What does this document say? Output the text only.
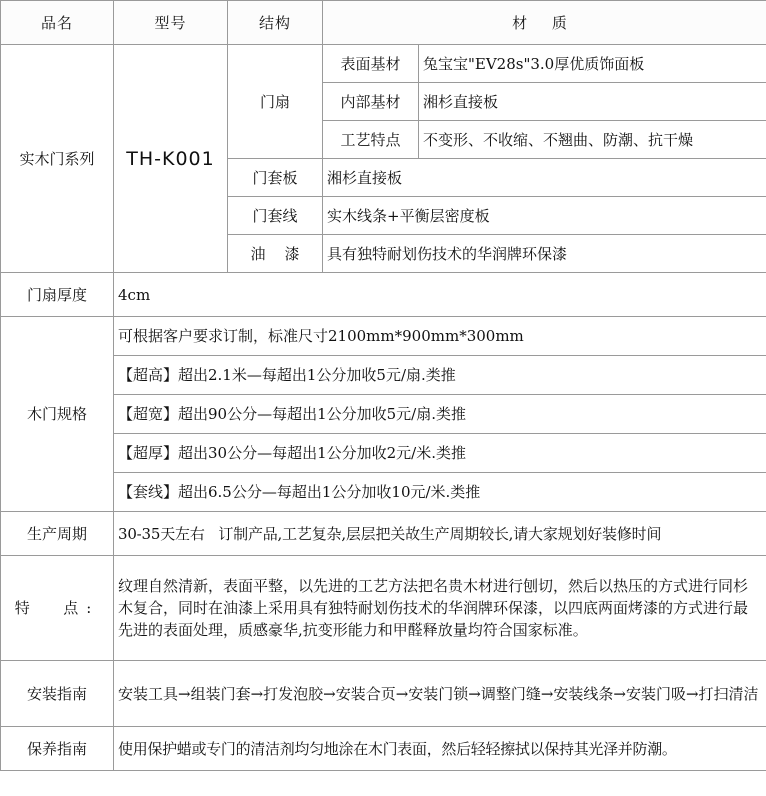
品名	型号	结构	材 质	
实木门系列	TH-K001	门扇	表面基材	兔宝宝"EV28s"3.0厚优质饰面板
			内部基材	湘杉直接板
			工艺特点	不变形、不收缩、不翘曲、防潮、抗干燥
		门套板	湘杉直接板	
		门套线	实木线条+平衡层密度板	
		油    漆	具有独特耐划伤技术的华润牌环保漆	
门扇厚度	4cm			
木门规格	可根据客户要求订制，标准尺寸2100mm*900mm*300mm			
	【超高】超出2.1米—每超出1公分加收5元/扇.类推			
	【超宽】超出90公分—每超出1公分加收5元/扇.类推			
	【超厚】超出30公分—每超出1公分加收2元/米.类推			
	【套线】超出6.5公分—每超出1公分加收10元/米.类推			
生产周期	30-35天左右   订制产品,工艺复杂,层层把关故生产周期较长,请大家规划好装修时间			
特  点:	纹理自然清新，表面平整，以先进的工艺方法把名贵木材进行刨切，然后以热压的方式进行同杉木复合，同时在油漆上采用具有独特耐划伤技术的华润牌环保漆，以四底两面烤漆的方式进行最先进的表面处理，质感豪华,抗变形能力和甲醛释放量均符合国家标准。			
安装指南	安装工具→组装门套→打发泡胶→安装合页→安装门锁→调整门缝→安装线条→安装门吸→打扫清洁			
保养指南	使用保护蜡或专门的清洁剂均匀地涂在木门表面，然后轻轻擦拭以保持其光泽并防潮。			
